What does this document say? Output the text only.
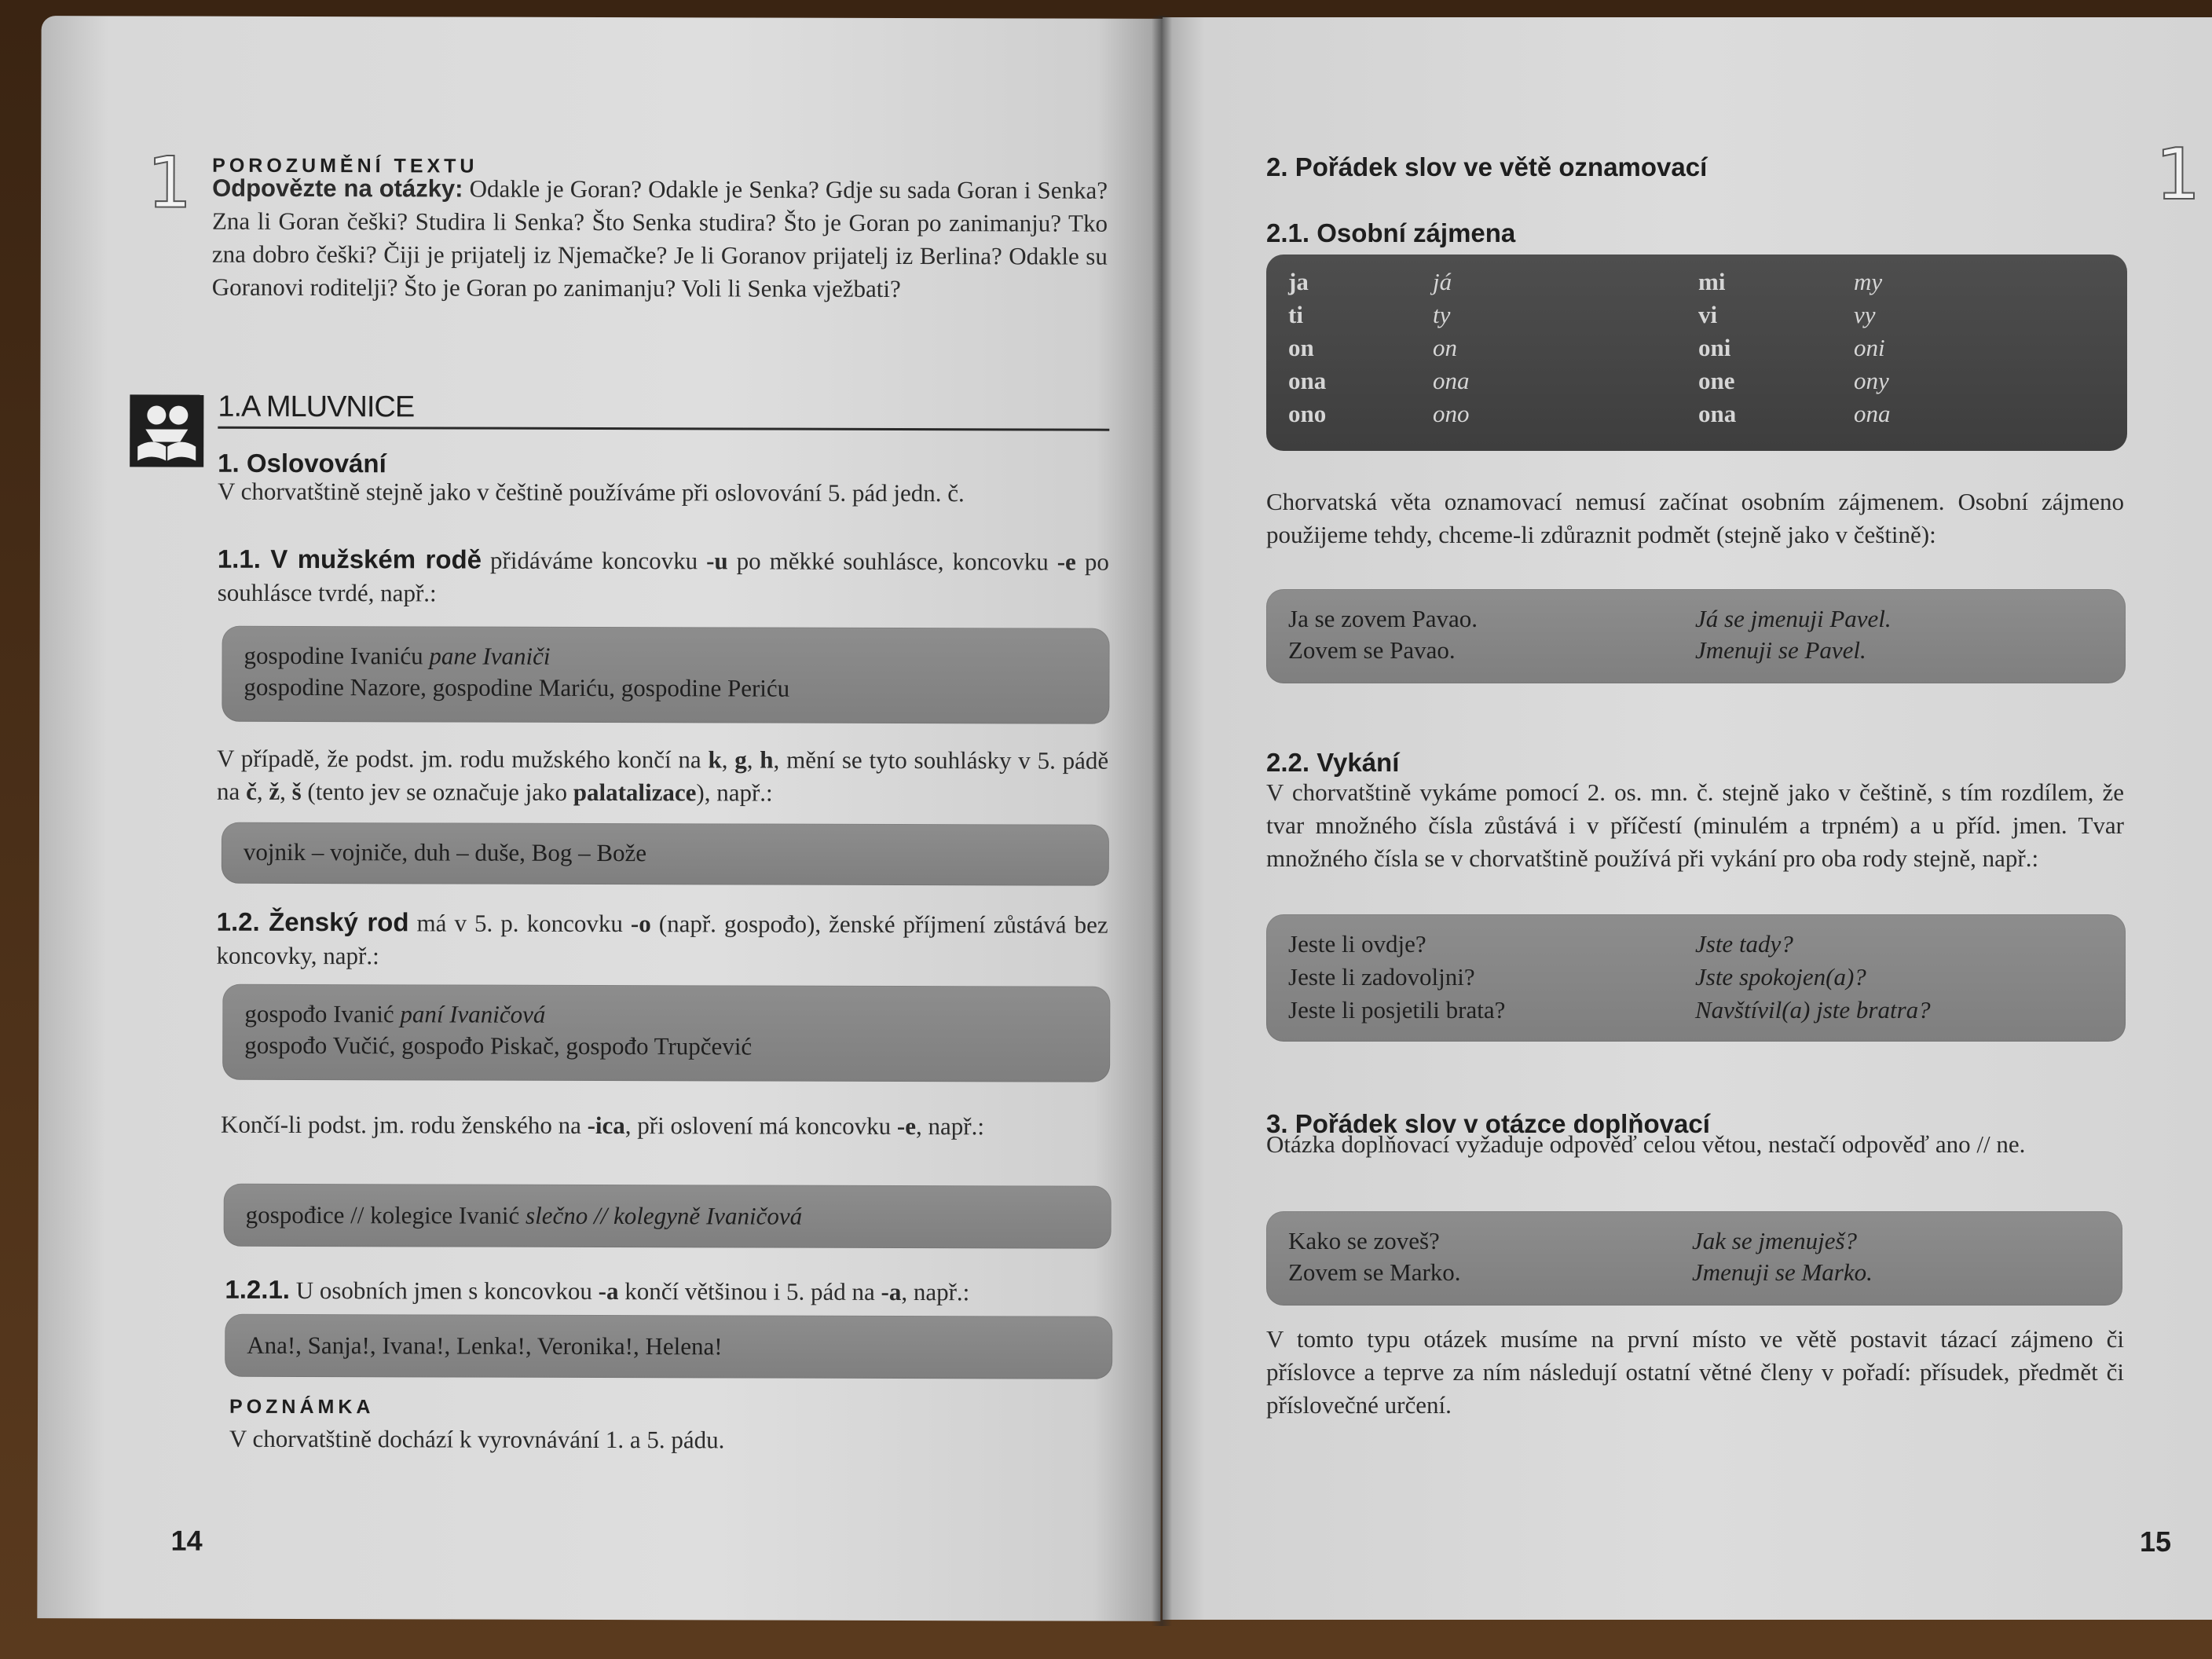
1 POROZUMĚNÍ TEXTU
Odpovězte na otázky: Odakle je Goran? Odakle je Senka? Gdje su sada Goran i Senka? Zna li Goran češki? Studira li Senka? Što Senka studira? Što je Goran po zanimanju? Tko zna dobro češki? Čiji je prijatelj iz Njemačke? Je li Goranov prijatelj iz Berlina? Odakle su Goranovi roditelji? Što je Goran po zanimanju? Voli li Senka vježbati?
1.A MLUVNICE
1. Oslovování
V chorvatštině stejně jako v češtině používáme při oslovování 5. pád jedn. č.
1.1. V mužském rodě přidáváme koncovku -u po měkké souhlásce, koncovku -e po souhlásce tvrdé, např.:
gospodine Ivaniću pane Ivaniči
gospodine Nazore, gospodine Mariću, gospodine Periću
V případě, že podst. jm. rodu mužského končí na k, g, h, mění se tyto souhlásky v 5. pádě na č, ž, š (tento jev se označuje jako palatalizace), např.:
vojnik – vojniče, duh – duše, Bog – Bože
1.2. Ženský rod má v 5. p. koncovku -o (např. gospođo), ženské příjmení zůstává bez koncovky, např.:
gospođo Ivanić paní Ivaničová
gospođo Vučić, gospođo Piskač, gospođo Trupčević
Končí-li podst. jm. rodu ženského na -ica, při oslovení má koncovku -e, např.:
gospođice // kolegice Ivanić slečno // kolegyně Ivaničová
1.2.1. U osobních jmen s koncovkou -a končí většinou i 5. pád na -a, např.:
Ana!, Sanja!, Ivana!, Lenka!, Veronika!, Helena!
POZNÁMKA
V chorvatštině dochází k vyrovnávání 1. a 5. pádu.
14
1
2. Pořádek slov ve větě oznamovací
2.1. Osobní zájmena
ja	já	mi	my
ti	ty	vi	vy
on	on	oni	oni
ona	ona	one	ony
ono	ono	ona	ona
Chorvatská věta oznamovací nemusí začínat osobním zájmenem. Osobní zájmeno použijeme tehdy, chceme-li zdůraznit podmět (stejně jako v češtině):
Ja se zovem Pavao.	Já se jmenuji Pavel.
Zovem se Pavao.	Jmenuji se Pavel.
2.2. Vykání
V chorvatštině vykáme pomocí 2. os. mn. č. stejně jako v češtině, s tím rozdílem, že tvar množného čísla zůstává i v příčestí (minulém a trpném) a u příd. jmen. Tvar množného čísla se v chorvatštině používá při vykání pro oba rody stejně, např.:
Jeste li ovdje?	Jste tady?
Jeste li zadovoljni?	Jste spokojen(a)?
Jeste li posjetili brata?	Navštívil(a) jste bratra?
3. Pořádek slov v otázce doplňovací
Otázka doplňovací vyžaduje odpověď celou větou, nestačí odpověď ano // ne.
Kako se zoveš?	Jak se jmenuješ?
Zovem se Marko.	Jmenuji se Marko.
V tomto typu otázek musíme na první místo ve větě postavit tázací zájmeno či příslovce a teprve za ním následují ostatní větné členy v pořadí: přísudek, předmět či příslovečné určení.
15
